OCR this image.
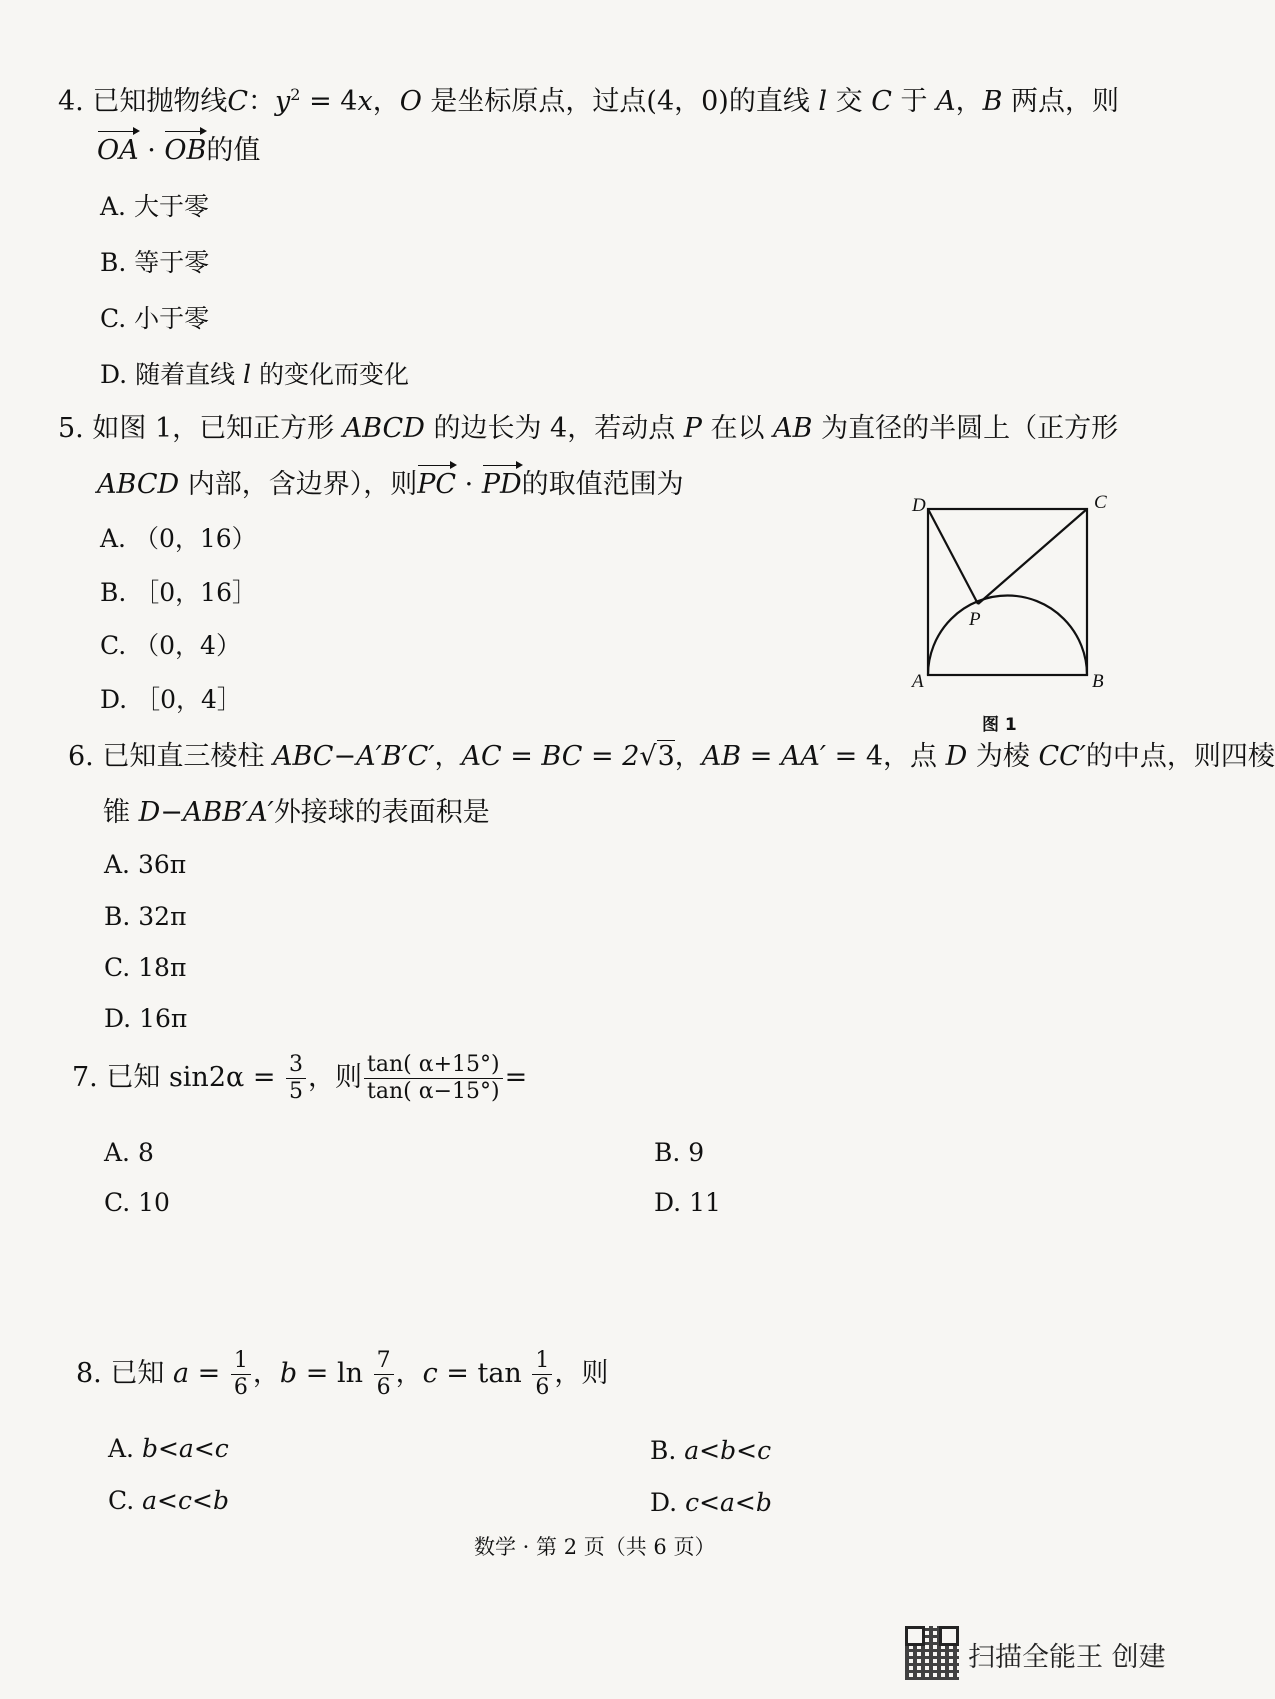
4. 已知抛物线C：$y^2 = 4x$，O 是坐标原点，过点(4，0)的直线 l 交 C 于 A，B 两点，则
OA · OB的值
A. 大于零
B. 等于零
C. 小于零
D. 随着直线 l 的变化而变化
5. 如图 1，已知正方形 ABCD 的边长为 4，若动点 P 在以 AB 为直径的半圆上（正方形
ABCD 内部，含边界），则PC · PD的取值范围为
A. （0，16）
B. ［0，16］
C. （0，4）
D. ［0，4］
D	C
P
A	B
图 1
6. 已知直三棱柱 ABC−A′B′C′，AC = BC = 2√3，AB = AA′ = 4，点 D 为棱 CC′的中点，则四棱
锥 D−ABB′A′外接球的表面积是
A. 36π
B. 32π
C. 18π
D. 16π
7. 已知 $\sin 2\alpha = \frac{3}{5}$ ，则 $\frac{\tan( \alpha+15^\circ)}{\tan( \alpha-15^\circ)}$ =
A. 8	B. 9
C. 10	D. 11
8. 已知 $a = \frac{1}{6}$ ，$b = \ln \frac{7}{6}$ ，$c = \tan \frac{1}{6}$ ，则
A. b<a<c	B. a<b<c
C. a<c<b	D. c<a<b
数学 · 第 2 页（共 6 页）
扫描全能王 创建
